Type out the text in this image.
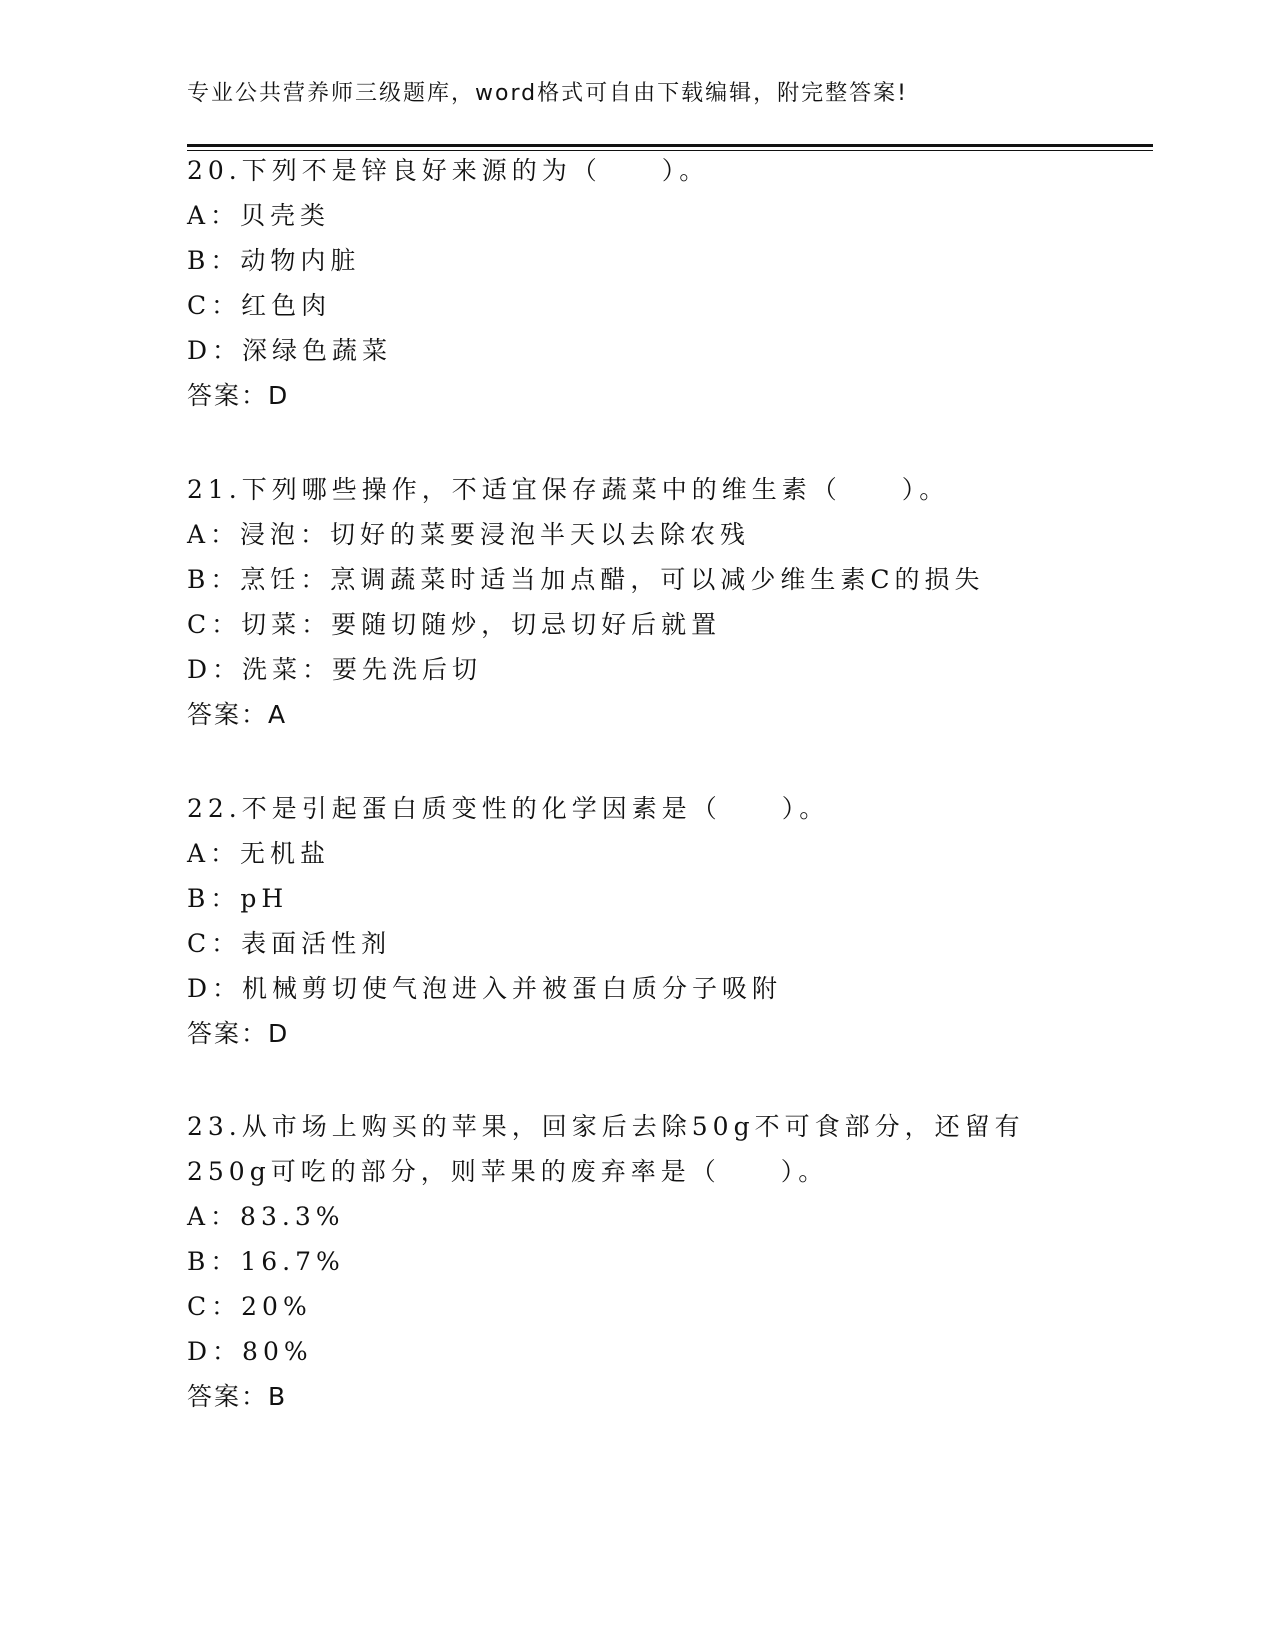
专业公共营养师三级题库，word格式可自由下载编辑，附完整答案!
20.下列不是锌良好来源的为（　　）。
A：贝壳类
B：动物内脏
C：红色肉
D：深绿色蔬菜
答案：D
21.下列哪些操作，不适宜保存蔬菜中的维生素（　　）。
A：浸泡：切好的菜要浸泡半天以去除农残
B：烹饪：烹调蔬菜时适当加点醋，可以减少维生素C的损失
C：切菜：要随切随炒，切忌切好后就置
D：洗菜：要先洗后切
答案：A
22.不是引起蛋白质变性的化学因素是（　　）。
A：无机盐
B：pH
C：表面活性剂
D：机械剪切使气泡进入并被蛋白质分子吸附
答案：D
23.从市场上购买的苹果，回家后去除50g不可食部分，还留有250g可吃的部分，则苹果的废弃率是（　　）。
A：83.3%
B：16.7%
C：20%
D：80%
答案：B
